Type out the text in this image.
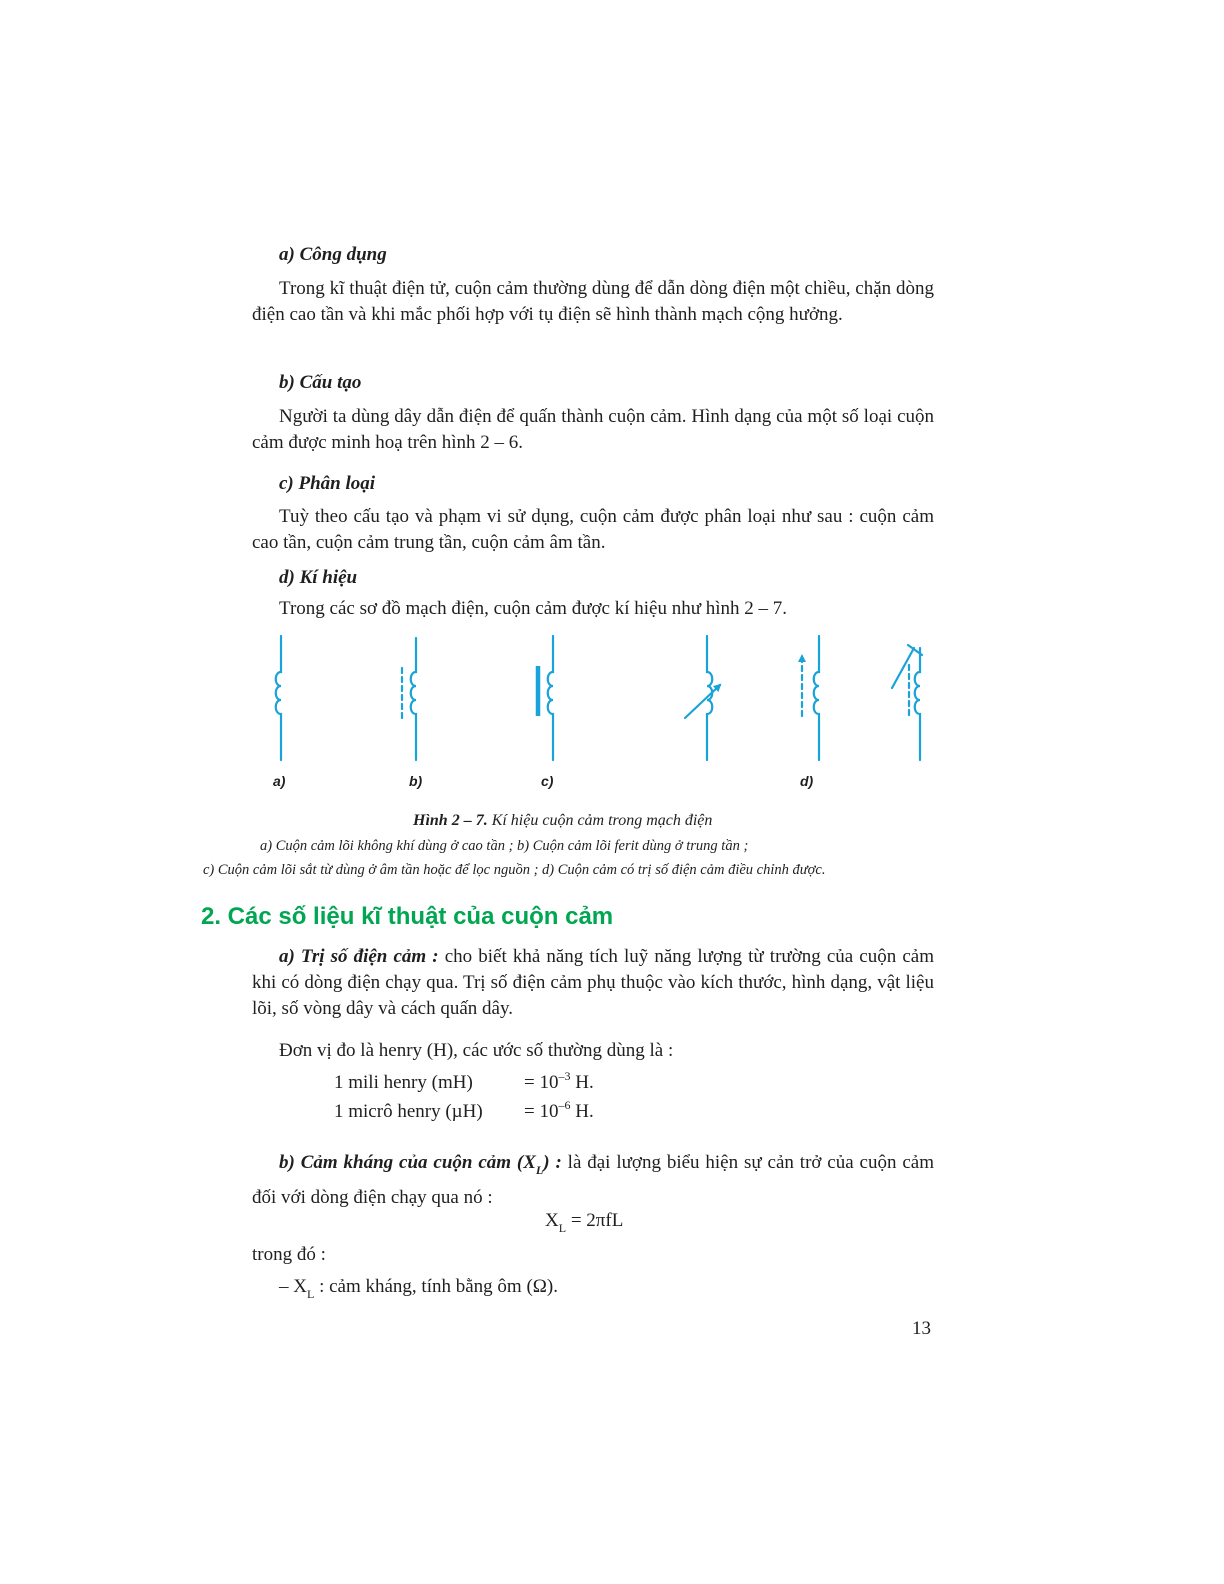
a) Công dụng
Trong kĩ thuật điện tử, cuộn cảm thường dùng để dẫn dòng điện một chiều, chặn dòng điện cao tần và khi mắc phối hợp với tụ điện sẽ hình thành mạch cộng hưởng.
b) Cấu tạo
Người ta dùng dây dẫn điện để quấn thành cuộn cảm. Hình dạng của một số loại cuộn cảm được minh hoạ trên hình 2 – 6.
c) Phân loại
Tuỳ theo cấu tạo và phạm vi sử dụng, cuộn cảm được phân loại như sau : cuộn cảm cao tần, cuộn cảm trung tần, cuộn cảm âm tần.
d) Kí hiệu
Trong các sơ đồ mạch điện, cuộn cảm được kí hiệu như hình 2 – 7.
a)	b)	c)	d)
Hình 2 – 7. Kí hiệu cuộn cảm trong mạch điện
a) Cuộn cảm lõi không khí dùng ở cao tần ; b) Cuộn cảm lõi ferit dùng ở trung tần ;
c) Cuộn cảm lõi sắt từ dùng ở âm tần hoặc để lọc nguồn ; d) Cuộn cảm có trị số điện cảm điều chỉnh được.
2. Các số liệu kĩ thuật của cuộn cảm
a) Trị số điện cảm : cho biết khả năng tích luỹ năng lượng từ trường của cuộn cảm khi có dòng điện chạy qua. Trị số điện cảm phụ thuộc vào kích thước, hình dạng, vật liệu lõi, số vòng dây và cách quấn dây.
Đơn vị đo là henry (H), các ước số thường dùng là :
1 mili henry (mH)	= $10^{-3}$ H.
1 micrô henry $(\mu H) = 10^{-6}$ H.
b) Cảm kháng của cuộn cảm $(X_L)$ : là đại lượng biểu hiện sự cản trở của cuộn cảm đối với dòng điện chạy qua nó :
$X_L = 2\pi fL$
trong đó :
– $X_L$ : cảm kháng, tính bằng ôm (Ω).
13
